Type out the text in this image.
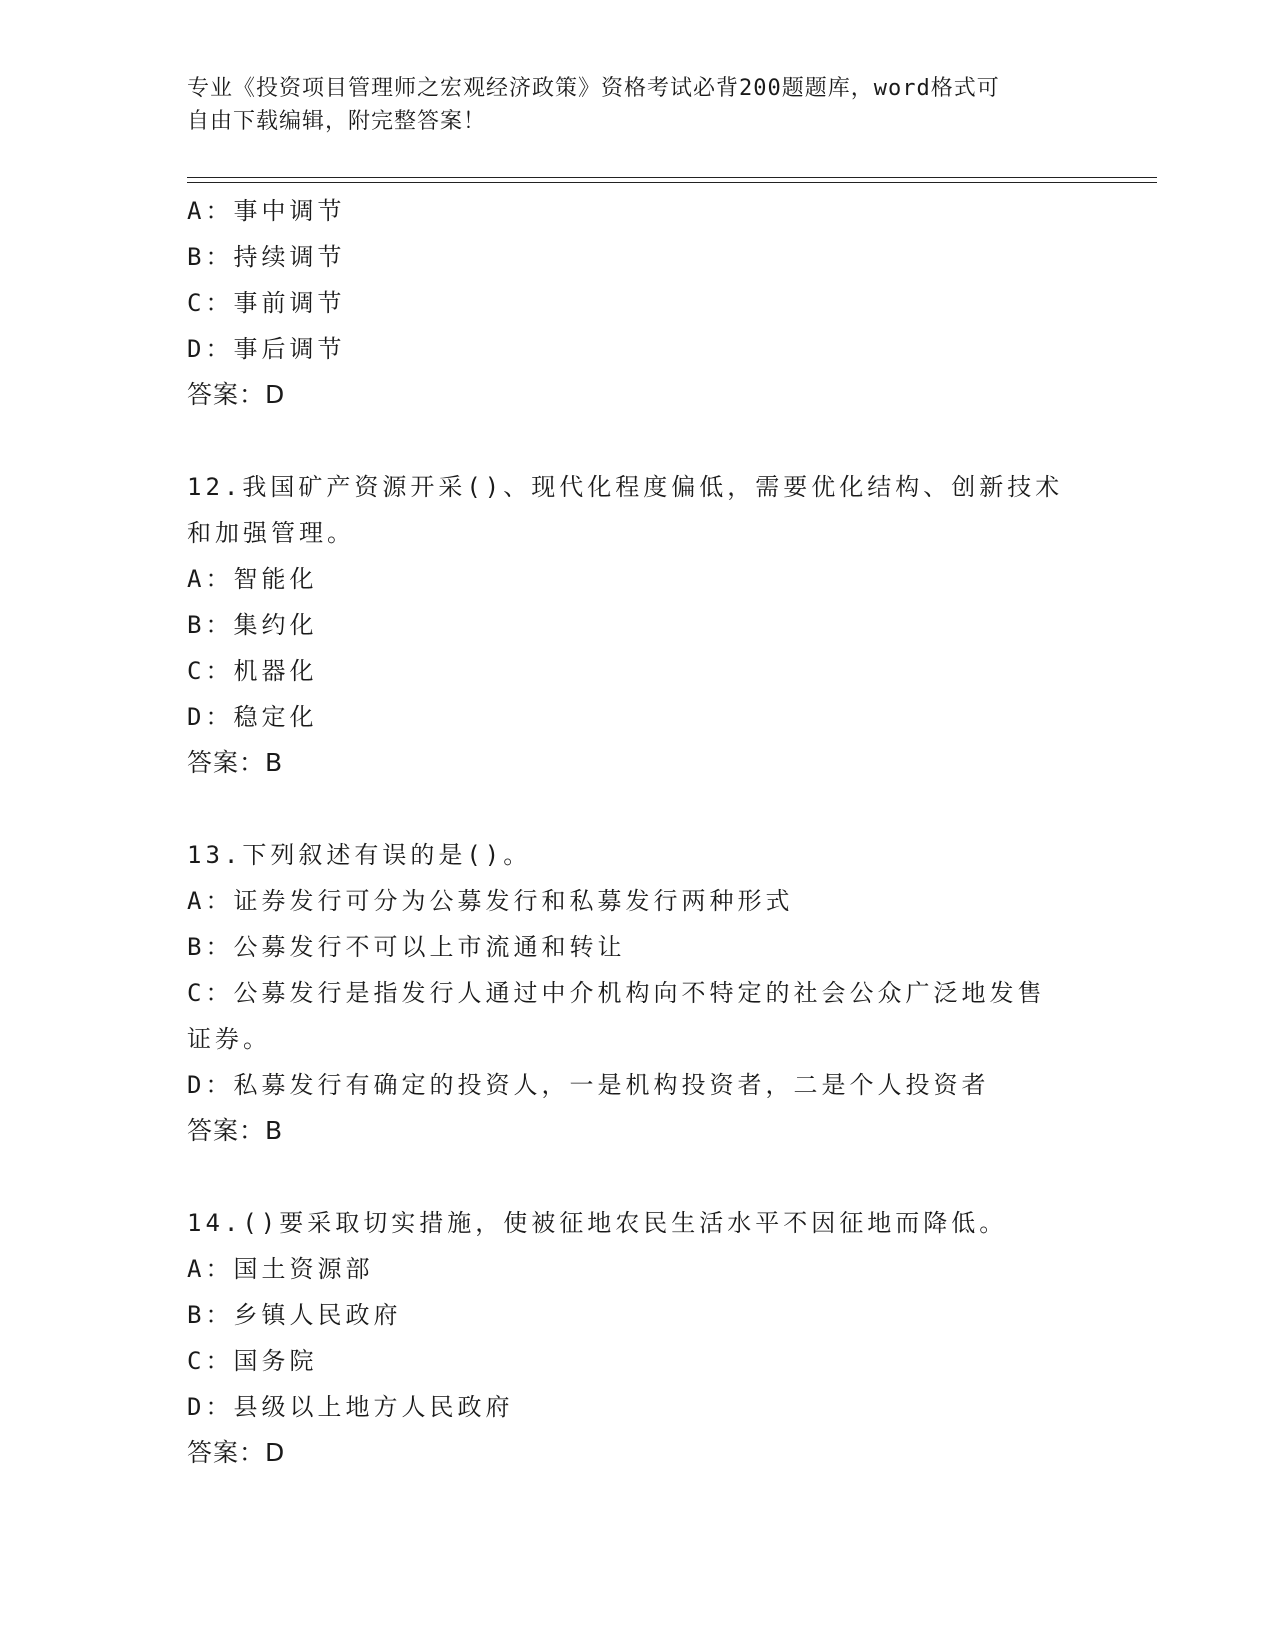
专业《投资项目管理师之宏观经济政策》资格考试必背200题题库，word格式可
自由下载编辑，附完整答案！
A：事中调节
B：持续调节
C：事前调节
D：事后调节
答案：D
12.我国矿产资源开采()、现代化程度偏低，需要优化结构、创新技术
和加强管理。
A：智能化
B：集约化
C：机器化
D：稳定化
答案：B
13.下列叙述有误的是()。
A：证券发行可分为公募发行和私募发行两种形式
B：公募发行不可以上市流通和转让
C：公募发行是指发行人通过中介机构向不特定的社会公众广泛地发售
证券。
D：私募发行有确定的投资人，一是机构投资者，二是个人投资者
答案：B
14.()要采取切实措施，使被征地农民生活水平不因征地而降低。
A：国土资源部
B：乡镇人民政府
C：国务院
D：县级以上地方人民政府
答案：D
